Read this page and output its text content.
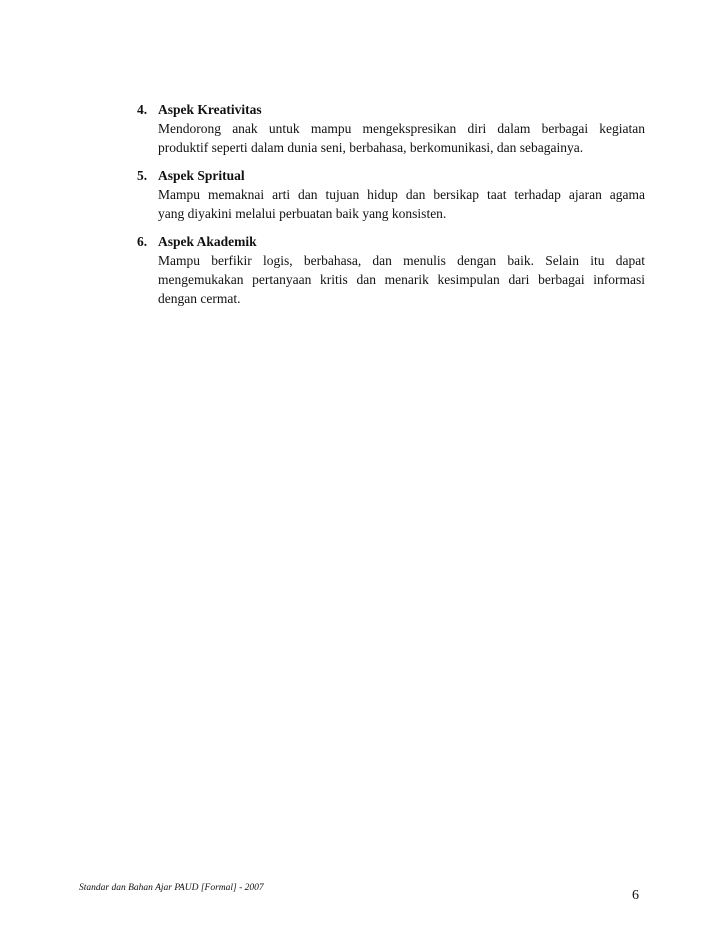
4. Aspek Kreativitas
Mendorong anak untuk mampu mengekspresikan diri dalam berbagai kegiatan
produktif seperti dalam dunia seni, berbahasa, berkomunikasi, dan sebagainya.
5. Aspek Spritual
Mampu memaknai arti dan tujuan hidup dan bersikap taat terhadap ajaran agama
yang diyakini melalui perbuatan baik yang konsisten.
6. Aspek Akademik
Mampu berfikir logis, berbahasa, dan menulis dengan baik. Selain itu dapat
mengemukakan pertanyaan kritis dan menarik kesimpulan dari berbagai informasi
dengan cermat.
Standar dan Bahan Ajar PAUD [Formal] - 2007	6
